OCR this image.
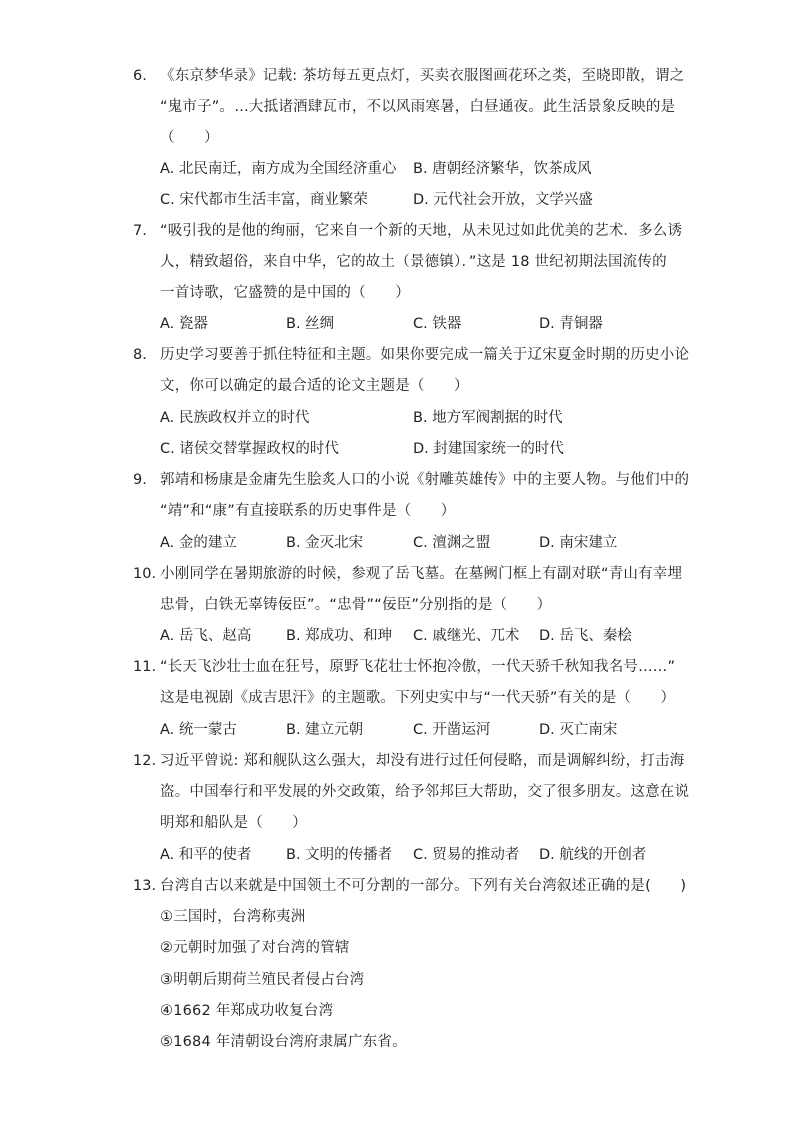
6. 《东京梦华录》记载: 茶坊每五更点灯，买卖衣服图画花环之类，至晓即散，谓之
“鬼市子”。…大抵诸酒肆瓦市，不以风雨寒暑，白昼通夜。此生活景象反映的是
（　　）
A. 北民南迁，南方成为全国经济重心 B. 唐朝经济繁华，饮茶成风
C. 宋代都市生活丰富，商业繁荣	D. 元代社会开放，文学兴盛
7. “吸引我的是他的绚丽，它来自一个新的天地，从未见过如此优美的艺术．多么诱
人，精致超俗，来自中华，它的故土（景德镇）．”这是 18 世纪初期法国流传的
一首诗歌，它盛赞的是中国的（　　）
A. 瓷器	B. 丝绸	C. 铁器	D. 青铜器
8. 历史学习要善于抓住特征和主题。如果你要完成一篇关于辽宋夏金时期的历史小论
文，你可以确定的最合适的论文主题是（　　）
A. 民族政权并立的时代	B. 地方军阀割据的时代
C. 诸侯交替掌握政权的时代	D. 封建国家统一的时代
9. 郭靖和杨康是金庸先生脍炙人口的小说《射雕英雄传》中的主要人物。与他们中的
“靖”和“康”有直接联系的历史事件是（　　）
A. 金的建立	B. 金灭北宋	C. 澶渊之盟	D. 南宋建立
10. 小刚同学在暑期旅游的时候，参观了岳飞墓。在墓阙门框上有副对联“青山有幸埋
忠骨，白铁无辜铸佞臣”。“忠骨”“佞臣”分别指的是（　　）
A. 岳飞、赵高 B. 郑成功、和珅 C. 戚继光、兀术 D. 岳飞、秦桧
11. “长天飞沙壮士血在狂号，原野飞花壮士怀抱冷傲，一代天骄千秋知我名号……”
这是电视剧《成吉思汗》的主题歌。下列史实中与“一代天骄”有关的是（　　）
A. 统一蒙古	B. 建立元朝	C. 开凿运河	D. 灭亡南宋
12. 习近平曾说: 郑和舰队这么强大，却没有进行过任何侵略，而是调解纠纷，打击海
盗。中国奉行和平发展的外交政策，给予邻邦巨大帮助，交了很多朋友。这意在说
明郑和船队是（　　）
A. 和平的使者 B. 文明的传播者 C. 贸易的推动者 D. 航线的开创者
13. 台湾自古以来就是中国领土不可分割的一部分。下列有关台湾叙述正确的是(　　)
①三国时，台湾称夷洲
②元朝时加强了对台湾的管辖
③明朝后期荷兰殖民者侵占台湾
④1662 年郑成功收复台湾
⑤1684 年清朝设台湾府隶属广东省。
